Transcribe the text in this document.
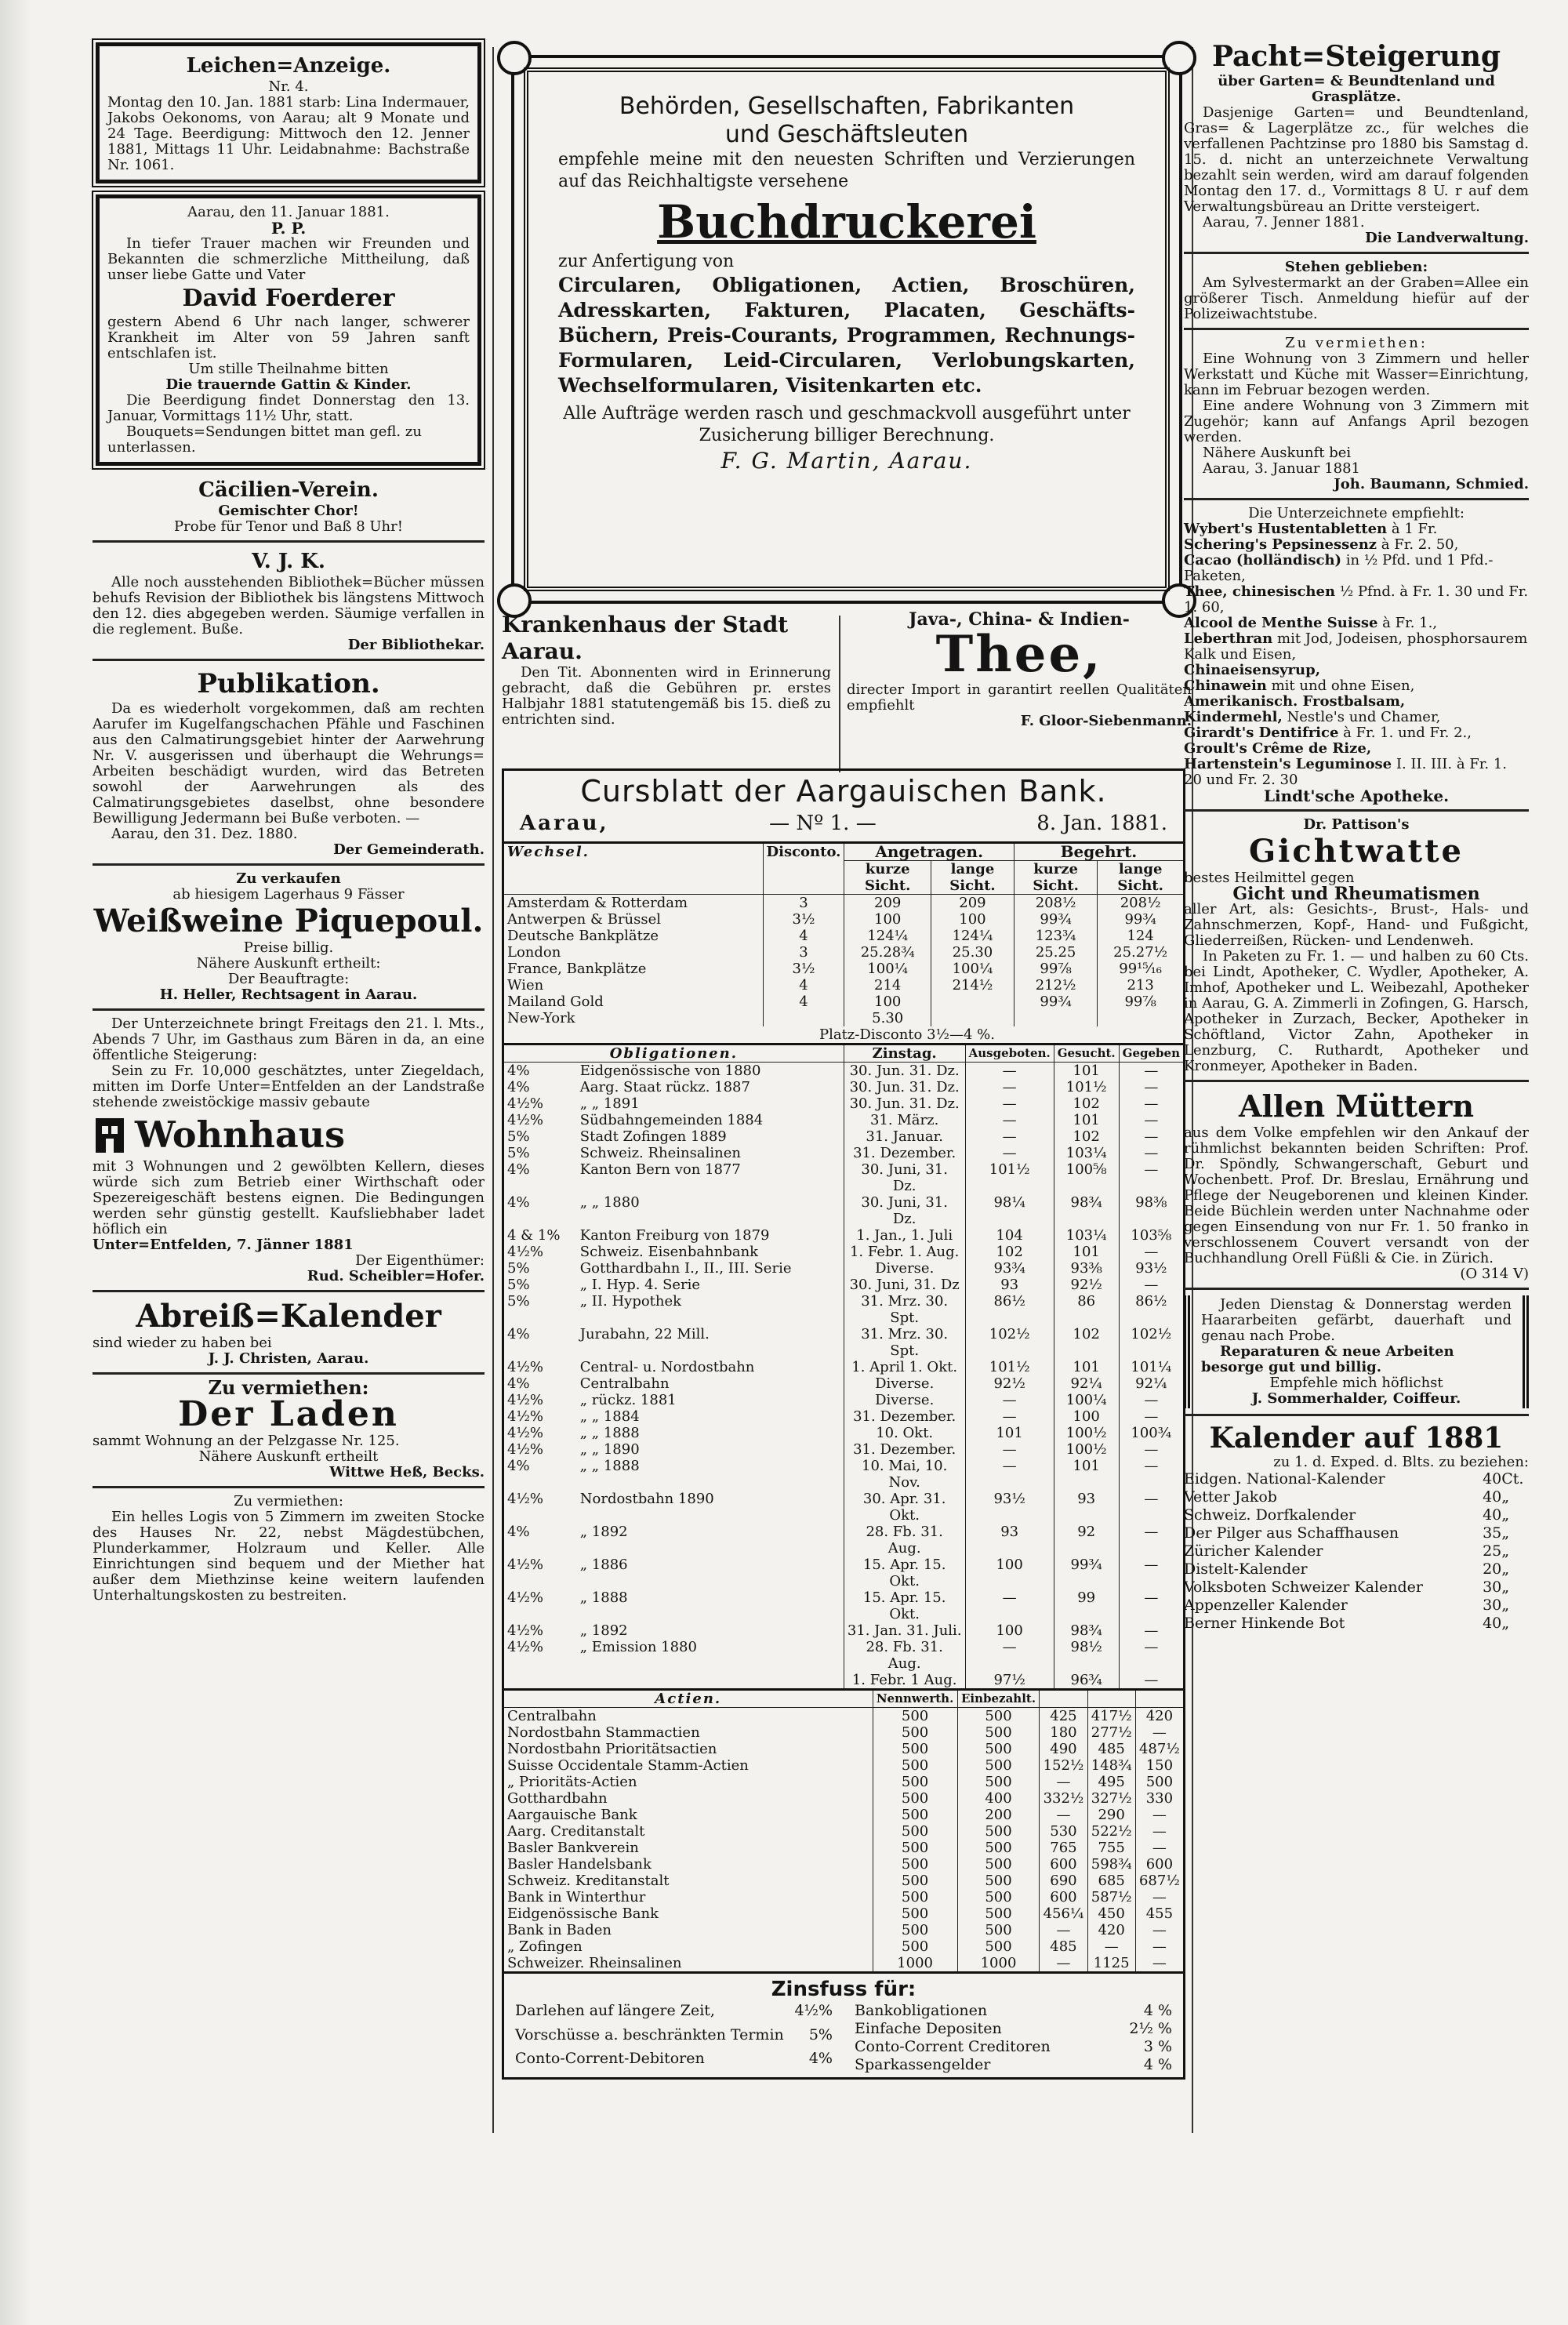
Leichen=Anzeige.
Nr. 4.

Montag den 10. Jan. 1881 starb: Lina Indermauer, Jakobs Oekonoms, von Aarau; alt 9 Monate und 24 Tage. Beerdigung: Mittwoch den 12. Jenner 1881, Mittags 11 Uhr. Leidabnahme: Bachstraße Nr. 1061.

Aarau, den 11. Januar 1881.
P. P.

In tiefer Trauer machen wir Freunden und Bekannten die schmerzliche Mittheilung, daß unser liebe Gatte und Vater

David Foerderer

gestern Abend 6 Uhr nach langer, schwerer Krankheit im Alter von 59 Jahren sanft entschlafen ist.

Um stille Theilnahme bitten
Die trauernde Gattin & Kinder.

Die Beerdigung findet Donnerstag den 13. Januar, Vormittags 11½ Uhr, statt.

Bouquets=Sendungen bittet man gefl. zu unterlassen.

Cäcilien-Verein.
Gemischter Chor!
Probe für Tenor und Baß 8 Uhr!
V. J. K.

Alle noch ausstehenden Bibliothek=Bücher müssen behufs Revision der Bibliothek bis längstens Mittwoch den 12. dies abgegeben werden. Säumige verfallen in die reglement. Buße.

Der Bibliothekar.
Publikation.

Da es wiederholt vorgekommen, daß am rechten Aarufer im Kugelfangschachen Pfähle und Faschinen aus den Calmatirungsgebiet hinter der Aarwehrung Nr. V. ausgerissen und überhaupt die Wehrungs= Arbeiten beschädigt wurden, wird das Betreten sowohl der Aarwehrungen als des Calmatirungsgebietes daselbst, ohne besondere Bewilligung Jedermann bei Buße verboten. —

Aarau, den 31. Dez. 1880.
Der Gemeinderath.
Zu verkaufen
ab hiesigem Lagerhaus 9 Fässer
Weißweine Piquepoul.
Preise billig.
Nähere Auskunft ertheilt:
Der Beauftragte:
H. Heller, Rechtsagent in Aarau.

Der Unterzeichnete bringt Freitags den 21. l. Mts., Abends 7 Uhr, im Gasthaus zum Bären in da, an eine öffentliche Steigerung:

Sein zu Fr. 10,000 geschätztes, unter Ziegeldach, mitten im Dorfe Unter=Entfelden an der Landstraße stehende zweistöckige massiv gebaute

Wohnhaus

mit 3 Wohnungen und 2 gewölbten Kellern, dieses würde sich zum Betrieb einer Wirthschaft oder Spezereigeschäft bestens eignen. Die Bedingungen werden sehr günstig gestellt. Kaufsliebhaber ladet höflich ein

Unter=Entfelden, 7. Jänner 1881
Der Eigenthümer:
Rud. Scheibler=Hofer.
Abreiß=Kalender
sind wieder zu haben bei
J. J. Christen, Aarau.
Zu vermiethen:
Der Laden

sammt Wohnung an der Pelzgasse Nr. 125.

Nähere Auskunft ertheilt
Wittwe Heß, Becks.
Zu vermiethen:

Ein helles Logis von 5 Zimmern im zweiten Stocke des Hauses Nr. 22, nebst Mägdestübchen, Plunderkammer, Holzraum und Keller. Alle Einrichtungen sind bequem und der Miether hat außer dem Miethzinse keine weitern laufenden Unterhaltungskosten zu bestreiten.

Behörden, Gesellschaften, Fabrikanten
und Geschäftsleuten

empfehle meine mit den neuesten Schriften und Verzierungen auf das Reichhaltigste versehene

Buchdruckerei
zur Anfertigung von

Circularen, Obligationen, Actien, Broschüren, Adresskarten, Fakturen, Placaten, Geschäfts-Büchern, Preis-Courants, Programmen, Rechnungs-Formularen, Leid-Circularen, Verlobungskarten, Wechselformularen, Visitenkarten etc.

Alle Aufträge werden rasch und geschmackvoll ausgeführt unter Zusicherung billiger Berechnung.

F. G. Martin, Aarau.
Krankenhaus der Stadt Aarau.

Den Tit. Abonnenten wird in Erinnerung gebracht, daß die Gebühren pr. erstes Halbjahr 1881 statutengemäß bis 15. dieß zu entrichten sind.

Java-, China- & Indien-
Thee,

directer Import in garantirt reellen Qualitäten empfiehlt

F. Gloor-Siebenmann.
Cursblatt der Aargauischen Bank.
Aarau,	— Nº 1. —	8. Jan. 1881.
Wechsel.	Disconto.	Angetragen.		Begehrt.	
		kurze Sicht.	lange Sicht.	kurze Sicht.	lange Sicht.
Amsterdam & Rotterdam	3	209	209	208½	208½
Antwerpen & Brüssel	3½	100	100	99¾	99¾
Deutsche Bankplätze	4	124¼	124¼	123¾	124
London	3	25.28¾	25.30	25.25	25.27½
France, Bankplätze	3½	100¼	100¼	99⅞	99¹⁵⁄₁₆
Wien	4	214	214½	212½	213
Mailand Gold	4	100		99¾	99⅞
New-York		5.30			
Platz-Disconto 3½—4 %.
Obligationen.		Zinstag.	Ausgeboten.	Gesucht.	Gegeben
4%	Eidgenössische von 1880	30. Jun. 31. Dz.	—	101	—
4%	Aarg. Staat rückz. 1887	30. Jun. 31. Dz.	—	101½	—
4½%	„ „ 1891	30. Jun. 31. Dz.	—	102	—
4½%	Südbahngemeinden 1884	31. März.	—	101	—
5%	Stadt Zofingen 1889	31. Januar.	—	102	—
5%	Schweiz. Rheinsalinen	31. Dezember.	—	103¼	—
4%	Kanton Bern von 1877	30. Juni, 31. Dz.	101½	100⁵⁄₈	—
4%	„ „ 1880	30. Juni, 31. Dz.	98¼	98¾	98⅜
4 & 1%	Kanton Freiburg von 1879	1. Jan., 1. Juli	104	103¼	103⅝
4½%	Schweiz. Eisenbahnbank	1. Febr. 1. Aug.	102	101	—
5%	Gotthardbahn I., II., III. Serie	Diverse.	93¾	93⅜	93½
5%	„ I. Hyp. 4. Serie	30. Juni, 31. Dz	93	92½	—
5%	„ II. Hypothek	31. Mrz. 30. Spt.	86½	86	86½
4%	Jurabahn, 22 Mill.	31. Mrz. 30. Spt.	102½	102	102½
4½%	Central- u. Nordostbahn	1. April 1. Okt.	101½	101	101¼
4%	Centralbahn	Diverse.	92½	92¼	92¼
4½%	„ rückz. 1881	Diverse.	—	100¼	—
4½%	„ „ 1884	31. Dezember.	—	100	—
4½%	„ „ 1888	10. Okt.	101	100½	100¾
4½%	„ „ 1890	31. Dezember.	—	100½	—
4%	„ „ 1888	10. Mai, 10. Nov.	—	101	—
4½%	Nordostbahn 1890	30. Apr. 31. Okt.	93½	93	—
4%	„ 1892	28. Fb. 31. Aug.	93	92	—
4½%	„ 1886	15. Apr. 15. Okt.	100	99¾	—
4½%	„ 1888	15. Apr. 15. Okt.	—	99	—
4½%	„ 1892	31. Jan. 31. Juli.	100	98¾	—
4½%	„ Emission 1880	28. Fb. 31. Aug.	—	98½	—
		1. Febr. 1 Aug.	97½	96¾	—
Actien.	Nennwerth.	Einbezahlt.			
Centralbahn	500	500	425	417½	420
Nordostbahn Stammactien	500	500	180	277½	—
Nordostbahn Prioritätsactien	500	500	490	485	487½
Suisse Occidentale Stamm-Actien	500	500	152½	148¾	150
„ Prioritäts-Actien	500	500	—	495	500
Gotthardbahn	500	400	332½	327½	330
Aargauische Bank	500	200	—	290	—
Aarg. Creditanstalt	500	500	530	522½	—
Basler Bankverein	500	500	765	755	—
Basler Handelsbank	500	500	600	598¾	600
Schweiz. Kreditanstalt	500	500	690	685	687½
Bank in Winterthur	500	500	600	587½	—
Eidgenössische Bank	500	500	456¼	450	455
Bank in Baden	500	500	—	420	—
„ Zofingen	500	500	485	—	—
Schweizer. Rheinsalinen	1000	1000	—	1125	—
Zinsfuss für:
Darlehen auf längere Zeit,	4½%
Vorschüsse a. beschränkten Termin	5%
Conto-Corrent-Debitoren	4%
Bankobligationen	4 %
Einfache Depositen	2½ %
Conto-Corrent Creditoren	3 %
Sparkassengelder	4 %
Pacht=Steigerung
über Garten= & Beundtenland und Grasplätze.

Dasjenige Garten= und Beundtenland, Gras= & Lagerplätze zc., für welches die verfallenen Pachtzinse pro 1880 bis Samstag d. 15. d. nicht an unterzeichnete Verwaltung bezahlt sein werden, wird am darauf folgenden Montag den 17. d., Vormittags 8 U. r auf dem Verwaltungsbüreau an Dritte versteigert.

Aarau, 7. Jenner 1881.
Die Landverwaltung.
Stehen geblieben:

Am Sylvestermarkt an der Graben=Allee ein größerer Tisch. Anmeldung hiefür auf der Polizeiwachtstube.

Zu vermiethen:

Eine Wohnung von 3 Zimmern und heller Werkstatt und Küche mit Wasser=Einrichtung, kann im Februar bezogen werden.

Eine andere Wohnung von 3 Zimmern mit Zugehör; kann auf Anfangs April bezogen werden.

Nähere Auskunft bei
Aarau, 3. Januar 1881
Joh. Baumann, Schmied.
Die Unterzeichnete empfiehlt:
Wybert's Hustentabletten à 1 Fr.
Schering's Pepsinessenz à Fr. 2. 50,
Cacao (holländisch) in ½ Pfd. und 1 Pfd.-Paketen,
Thee, chinesischen ½ Pfnd. à Fr. 1. 30 und Fr. 1. 60,
Alcool de Menthe Suisse à Fr. 1.,
Leberthran mit Jod, Jodeisen, phosphorsaurem Kalk und Eisen,
Chinaeisensyrup,
Chinawein mit und ohne Eisen,
Amerikanisch. Frostbalsam,
Kindermehl, Nestle's und Chamer,
Girardt's Dentifrice à Fr. 1. und Fr. 2.,
Groult's Crême de Rize,
Hartenstein's Leguminose I. II. III. à Fr. 1. 20 und Fr. 2. 30
Lindt'sche Apotheke.
Dr. Pattison's
Gichtwatte
bestes Heilmittel gegen
Gicht und Rheumatismen

aller Art, als: Gesichts-, Brust-, Hals- und Zahnschmerzen, Kopf-, Hand- und Fußgicht, Gliederreißen, Rücken- und Lendenweh.

In Paketen zu Fr. 1. — und halben zu 60 Cts. bei Lindt, Apotheker, C. Wydler, Apotheker, A. Imhof, Apotheker und L. Weibezahl, Apotheker in Aarau, G. A. Zimmerli in Zofingen, G. Harsch, Apotheker in Zurzach, Becker, Apotheker in Schöftland, Victor Zahn, Apotheker in Lenzburg, C. Ruthardt, Apotheker und Kronmeyer, Apotheker in Baden.

Allen Müttern

aus dem Volke empfehlen wir den Ankauf der rühmlichst bekannten beiden Schriften: Prof. Dr. Spöndly, Schwangerschaft, Geburt und Wochenbett. Prof. Dr. Breslau, Ernährung und Pflege der Neugeborenen und kleinen Kinder. Beide Büchlein werden unter Nachnahme oder gegen Einsendung von nur Fr. 1. 50 franko in verschlossenem Couvert versandt von der Buchhandlung Orell Füßli & Cie. in Zürich.

(O 314 V)

Jeden Dienstag & Donnerstag werden Haararbeiten gefärbt, dauerhaft und genau nach Probe.

Reparaturen & neue Arbeiten besorge gut und billig.

Empfehle mich höflichst
J. Sommerhalder, Coiffeur.
Kalender auf 1881
zu 1. d. Exped. d. Blts. zu beziehen:
Eidgen. National-Kalender	40	Ct.
Vetter Jakob	40	„
Schweiz. Dorfkalender	40	„
Der Pilger aus Schaffhausen	35	„
Züricher Kalender	25	„
Distelt-Kalender	20	„
Volksboten Schweizer Kalender	30	„
Appenzeller Kalender	30	„
Berner Hinkende Bot	40	„
